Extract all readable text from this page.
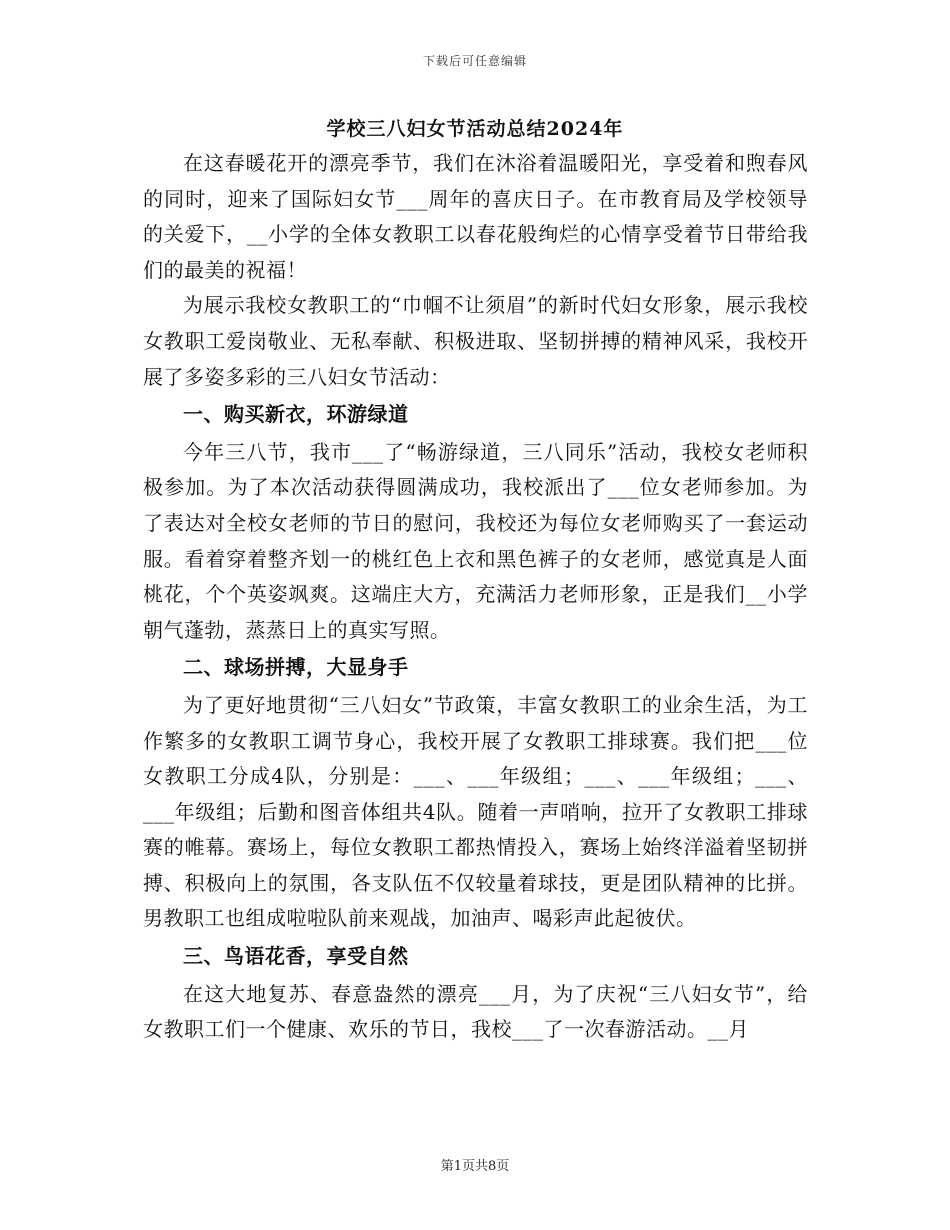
下载后可任意编辑
学校三八妇女节活动总结2024年

在这春暖花开的漂亮季节，我们在沐浴着温暖阳光，享受着和煦春风的同时，迎来了国际妇女节___周年的喜庆日子。在市教育局及学校领导的关爱下，__小学的全体女教职工以春花般绚烂的心情享受着节日带给我们的最美的祝福！

为展示我校女教职工的“巾帼不让须眉”的新时代妇女形象，展示我校女教职工爱岗敬业、无私奉献、积极进取、坚韧拼搏的精神风采，我校开展了多姿多彩的三八妇女节活动：

一、购买新衣，环游绿道

今年三八节，我市___了“畅游绿道，三八同乐”活动，我校女老师积极参加。为了本次活动获得圆满成功，我校派出了___位女老师参加。为了表达对全校女老师的节日的慰问，我校还为每位女老师购买了一套运动服。看着穿着整齐划一的桃红色上衣和黑色裤子的女老师，感觉真是人面桃花，个个英姿飒爽。这端庄大方，充满活力老师形象，正是我们__小学朝气蓬勃，蒸蒸日上的真实写照。

二、球场拼搏，大显身手

为了更好地贯彻“三八妇女”节政策，丰富女教职工的业余生活，为工作繁多的女教职工调节身心，我校开展了女教职工排球赛。我们把___位女教职工分成4队，分别是：___、___年级组；___、___年级组；___、___年级组；后勤和图音体组共4队。随着一声哨响，拉开了女教职工排球赛的帷幕。赛场上，每位女教职工都热情投入，赛场上始终洋溢着坚韧拼搏、积极向上的氛围，各支队伍不仅较量着球技，更是团队精神的比拼。男教职工也组成啦啦队前来观战，加油声、喝彩声此起彼伏。

三、鸟语花香，享受自然

在这大地复苏、春意盎然的漂亮___月，为了庆祝“三八妇女节”，给女教职工们一个健康、欢乐的节日，我校___了一次春游活动。__月

第1页共8页
